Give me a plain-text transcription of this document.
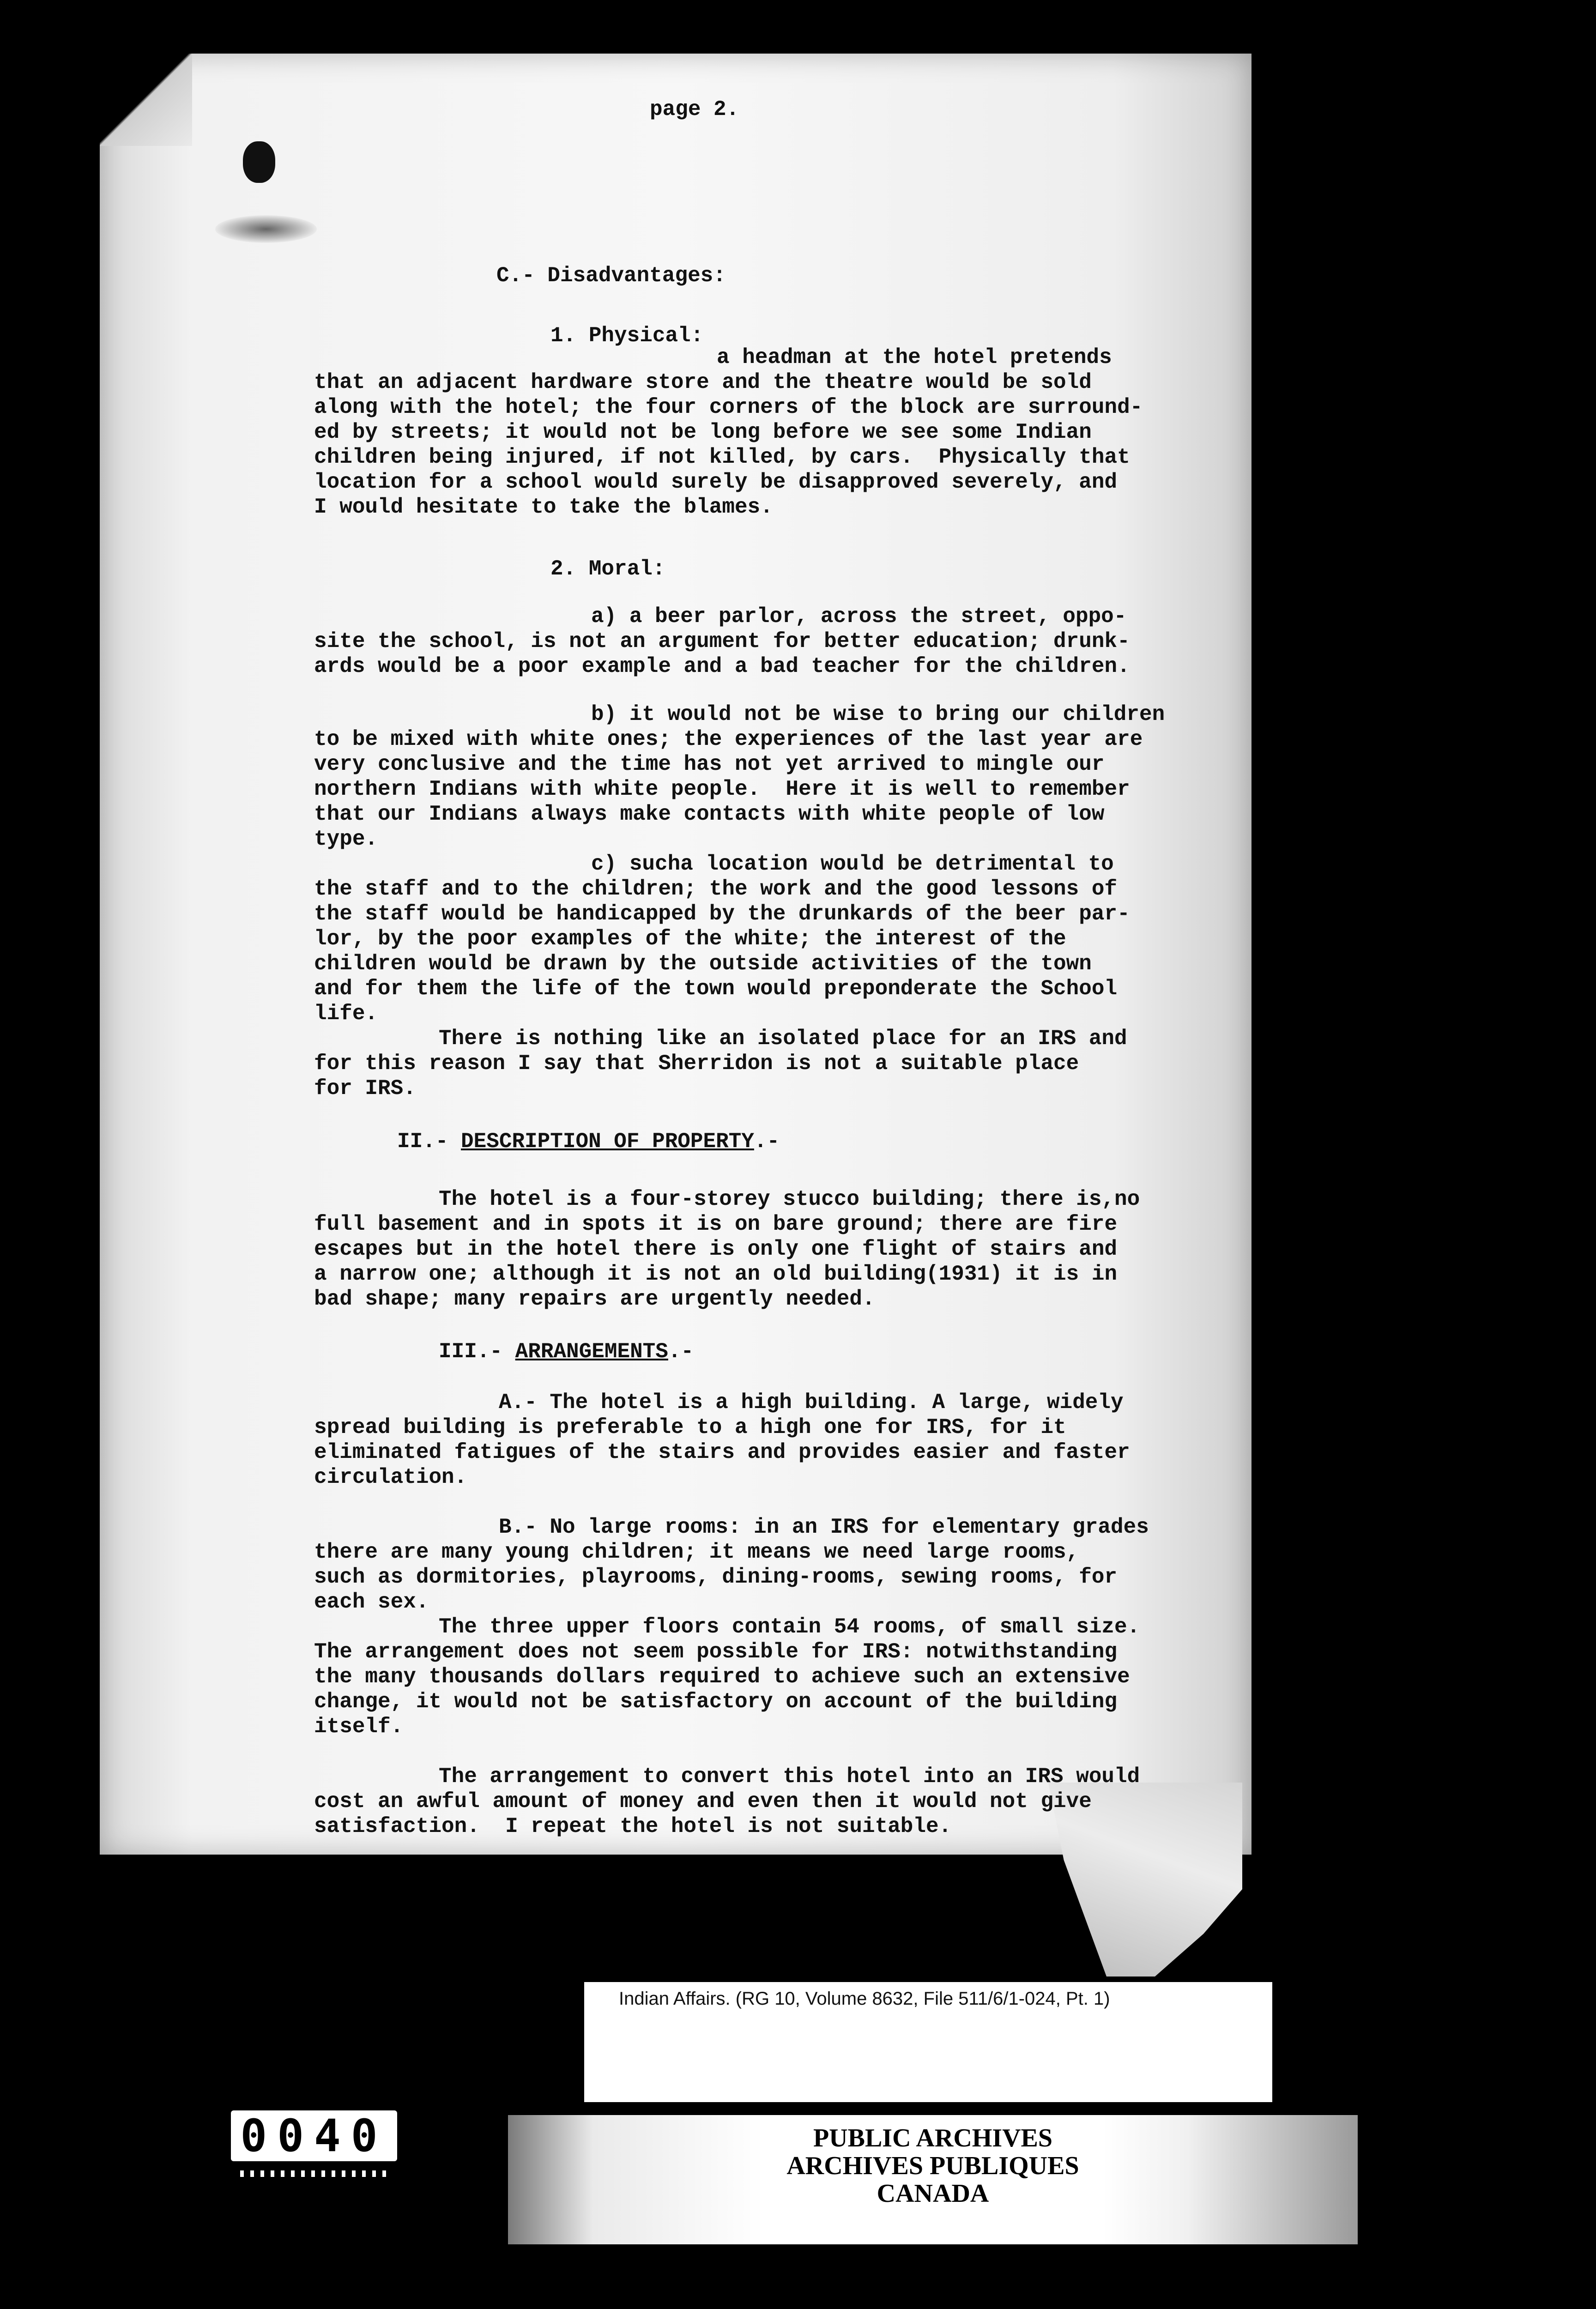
page 2.

C.- Disadvantages:

1. Physical:

a headman at the hotel pretends

that an adjacent hardware store and the theatre would be sold

along with the hotel; the four corners of the block are surround-

ed by streets; it would not be long before we see some Indian

children being injured, if not killed, by cars.  Physically that

location for a school would surely be disapproved severely, and

I would hesitate to take the blames.

2. Moral:

a) a beer parlor, across the street, oppo-

site the school, is not an argument for better education; drunk-

ards would be a poor example and a bad teacher for the children.

b) it would not be wise to bring our children

to be mixed with white ones; the experiences of the last year are

very conclusive and the time has not yet arrived to mingle our

northern Indians with white people.  Here it is well to remember

that our Indians always make contacts with white people of low

type.

c) sucha location would be detrimental to

the staff and to the children; the work and the good lessons of

the staff would be handicapped by the drunkards of the beer par-

lor, by the poor examples of the white; the interest of the

children would be drawn by the outside activities of the town

and for them the life of the town would preponderate the School

life.

There is nothing like an isolated place for an IRS and

for this reason I say that Sherridon is not a suitable place

for IRS.

II.- DESCRIPTION OF PROPERTY.-

The hotel is a four-storey stucco building; there is,no

full basement and in spots it is on bare ground; there are fire

escapes but in the hotel there is only one flight of stairs and

a narrow one; although it is not an old building(1931) it is in

bad shape; many repairs are urgently needed.

III.- ARRANGEMENTS.-

A.- The hotel is a high building. A large, widely

spread building is preferable to a high one for IRS, for it

eliminated fatigues of the stairs and provides easier and faster

circulation.

B.- No large rooms: in an IRS for elementary grades

there are many young children; it means we need large rooms,

such as dormitories, playrooms, dining-rooms, sewing rooms, for

each sex.

The three upper floors contain 54 rooms, of small size.

The arrangement does not seem possible for IRS: notwithstanding

the many thousands dollars required to achieve such an extensive

change, it would not be satisfactory on account of the building

itself.

The arrangement to convert this hotel into an IRS would

cost an awful amount of money and even then it would not give

satisfaction.  I repeat the hotel is not suitable.

Indian Affairs. (RG 10, Volume 8632, File 511/6/1-024, Pt. 1)
0040	PUBLIC ARCHIVES
ARCHIVES PUBLIQUES
CANADA
